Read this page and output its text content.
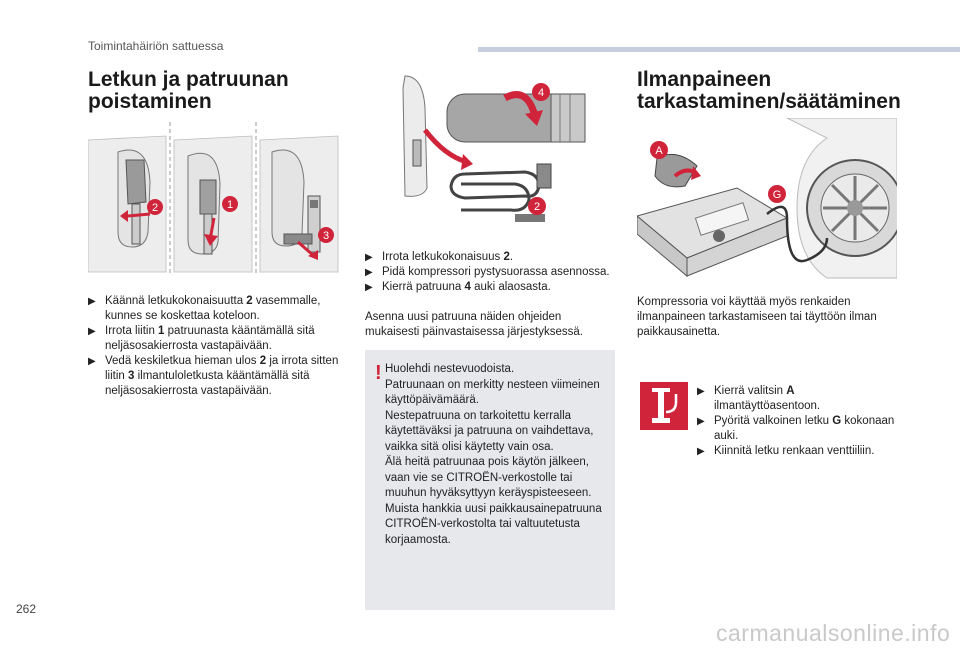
Toimintahäiriön sattuessa
Letkun ja patruunan
poistaminen
2	1
3
▶ Käännä letkukokonaisuutta 2 vasemmalle, kunnes se koskettaa koteloon.
▶ Irrota liitin 1 patruunasta kääntämällä sitä neljäsosakierrosta vastapäivään.
▶ Vedä keskiletkua hieman ulos 2 ja irrota sitten liitin 3 ilmantuloletkusta kääntämällä sitä neljäsosakierrosta vastapäivään.
4
2
▶ Irrota letkukokonaisuus 2.
▶ Pidä kompressori pystysuorassa asennossa.
▶ Kierrä patruuna 4 auki alaosasta.

Asenna uusi patruuna näiden ohjeiden mukaisesti päinvastaisessa järjestyksessä.

! Huolehdi nestevuodoista.
Patruunaan on merkitty nesteen viimeinen käyttöpäivämäärä.
Nestepatruuna on tarkoitettu kerralla käytettäväksi ja patruuna on vaihdettava, vaikka sitä olisi käytetty vain osa.
Älä heitä patruunaa pois käytön jälkeen, vaan vie se CITROËN-verkostolle tai muuhun hyväksyttyyn keräyspisteeseen.
Muista hankkia uusi paikkausainepatruuna CITROËN-verkostolta tai valtuutetusta korjaamosta.

Ilmanpaineen
tarkastaminen/säätäminen
A
G

Kompressoria voi käyttää myös renkaiden ilmanpaineen tarkastamiseen tai täyttöön ilman paikkausainetta.

▶ Kierrä valitsin A ilmantäyttöasentoon.
▶ Pyöritä valkoinen letku G kokonaan auki.
▶ Kiinnitä letku renkaan venttiiliin.
262
carmanualsonline.info
